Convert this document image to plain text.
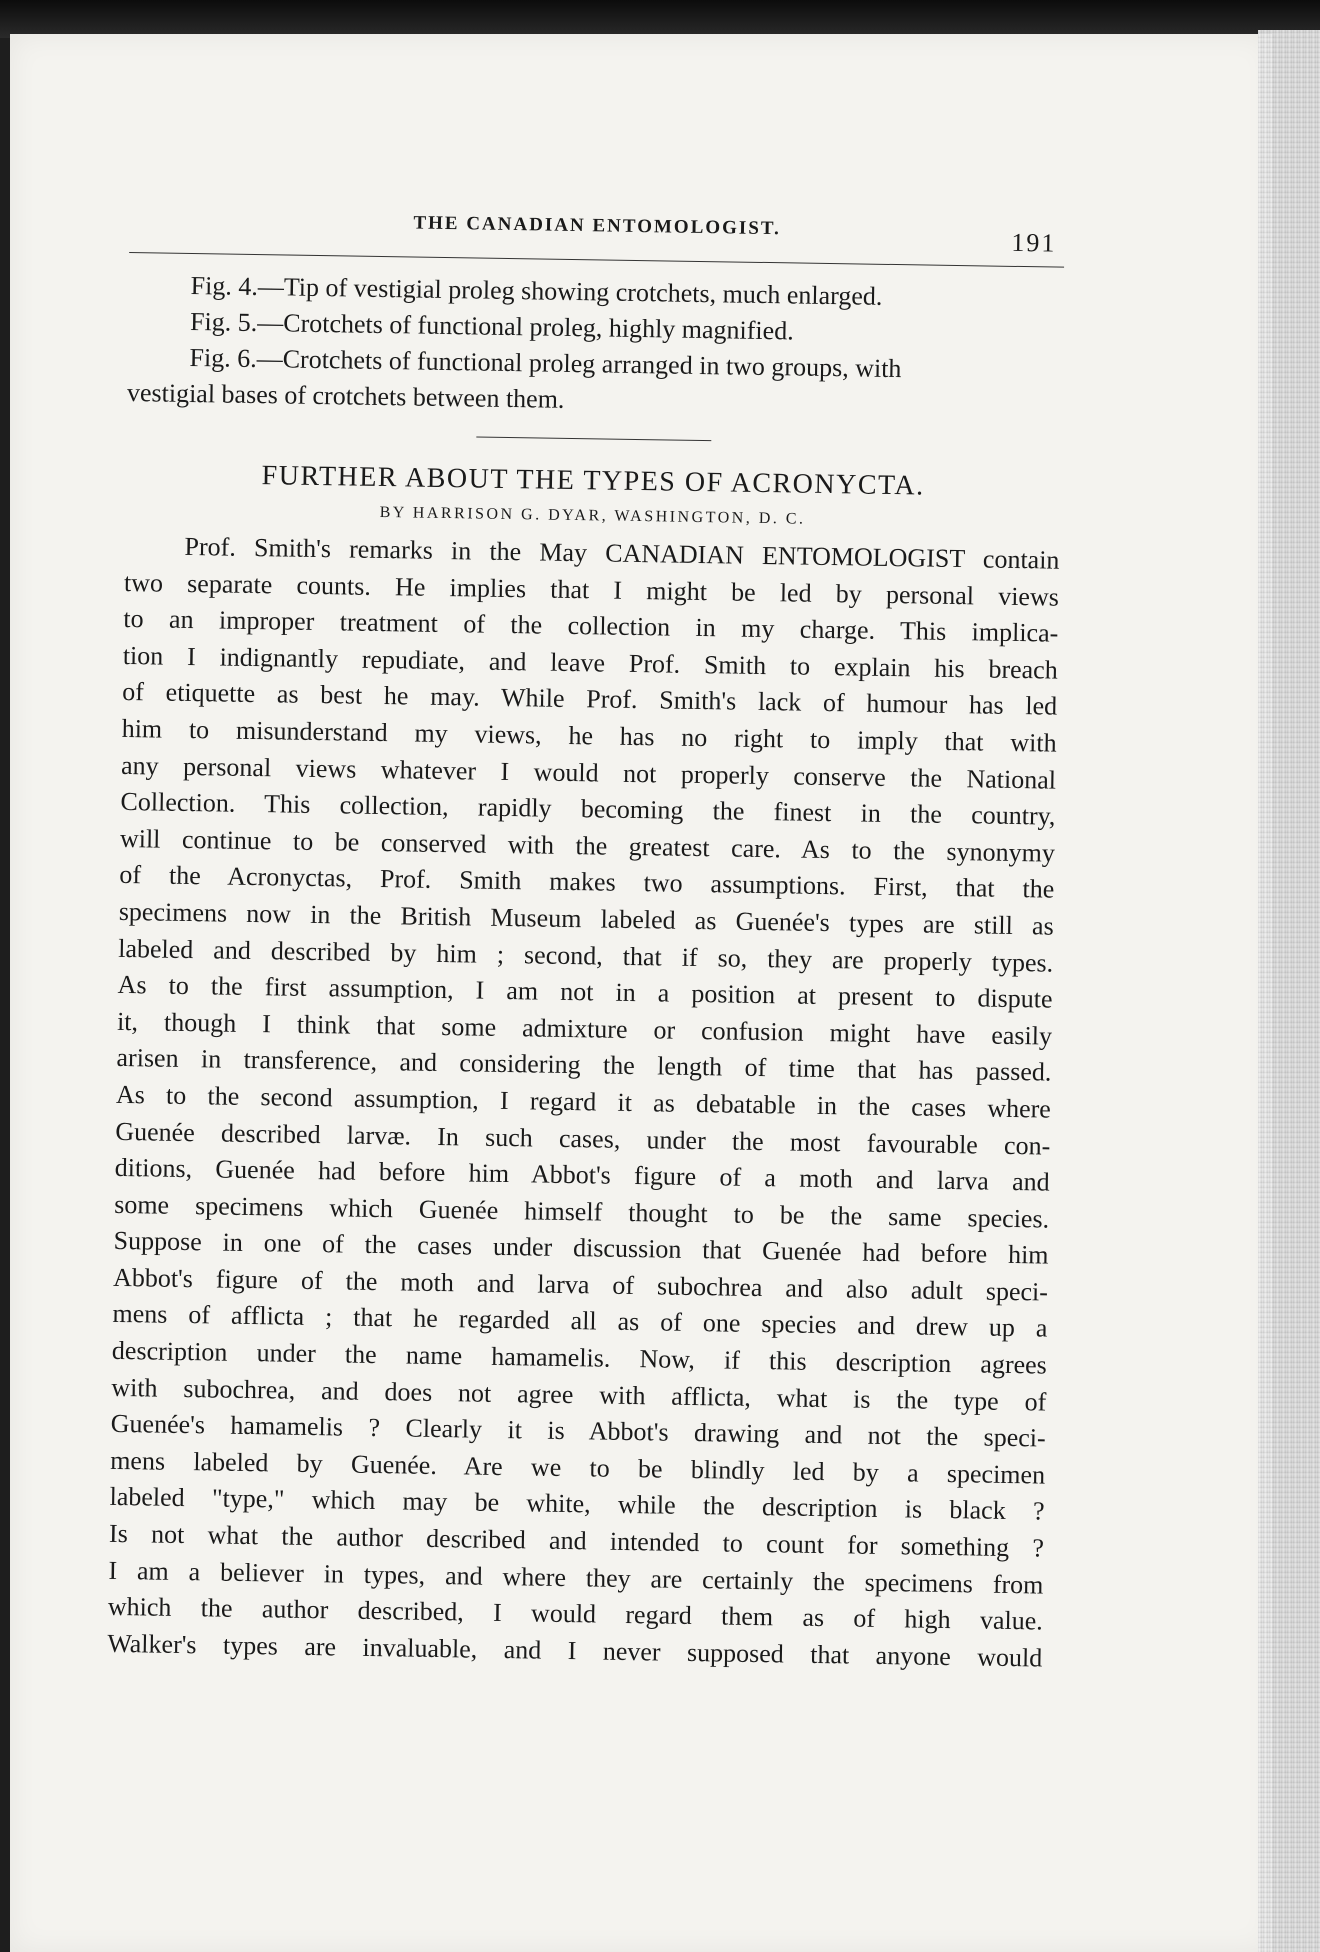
THE CANADIAN ENTOMOLOGIST.
191

Fig. 4.—Tip of vestigial proleg showing crotchets, much enlarged.

Fig. 5.—Crotchets of functional proleg, highly magnified.

Fig. 6.—Crotchets of functional proleg arranged in two groups, with

vestigial bases of crotchets between them.

FURTHER ABOUT THE TYPES OF ACRONYCTA.
BY HARRISON G. DYAR, WASHINGTON, D. C.
Prof. Smith's remarks in the May CANADIAN ENTOMOLOGIST contain
two separate counts. He implies that I might be led by personal views
to an improper treatment of the collection in my charge. This implica-
tion I indignantly repudiate, and leave Prof. Smith to explain his breach
of etiquette as best he may. While Prof. Smith's lack of humour has led
him to misunderstand my views, he has no right to imply that with
any personal views whatever I would not properly conserve the National
Collection. This collection, rapidly becoming the finest in the country,
will continue to be conserved with the greatest care. As to the synonymy
of the Acronyctas, Prof. Smith makes two assumptions. First, that the
specimens now in the British Museum labeled as Guenée's types are still as
labeled and described by him ; second, that if so, they are properly types.
As to the first assumption, I am not in a position at present to dispute
it, though I think that some admixture or confusion might have easily
arisen in transference, and considering the length of time that has passed.
As to the second assumption, I regard it as debatable in the cases where
Guenée described larvæ. In such cases, under the most favourable con-
ditions, Guenée had before him Abbot's figure of a moth and larva and
some specimens which Guenée himself thought to be the same species.
Suppose in one of the cases under discussion that Guenée had before him
Abbot's figure of the moth and larva of subochrea and also adult speci-
mens of afflicta ; that he regarded all as of one species and drew up a
description under the name hamamelis. Now, if this description agrees
with subochrea, and does not agree with afflicta, what is the type of
Guenée's hamamelis ? Clearly it is Abbot's drawing and not the speci-
mens labeled by Guenée. Are we to be blindly led by a specimen
labeled "type," which may be white, while the description is black ?
Is not what the author described and intended to count for something ?
I am a believer in types, and where they are certainly the specimens from
which the author described, I would regard them as of high value.
Walker's types are invaluable, and I never supposed that anyone would
